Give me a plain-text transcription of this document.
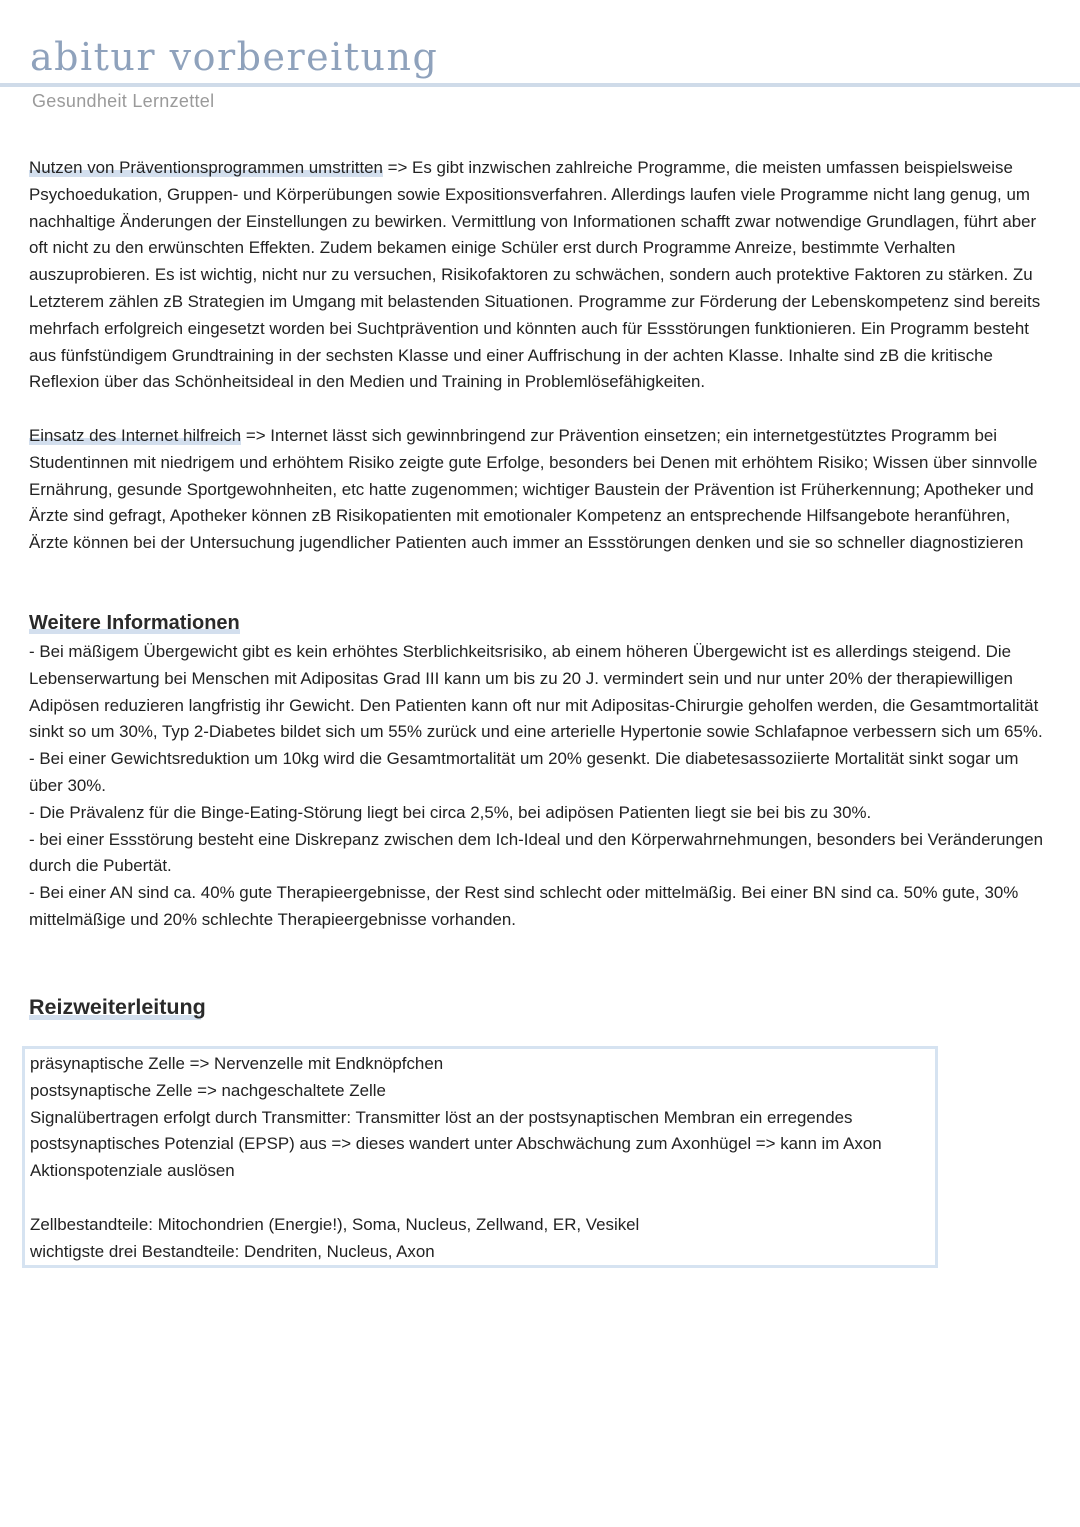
abitur vorbereitung
Gesundheit Lernzettel

Nutzen von Präventionsprogrammen umstritten => Es gibt inzwischen zahlreiche Programme, die meisten umfassen beispielsweise Psychoedukation, Gruppen- und Körperübungen sowie Expositionsverfahren. Allerdings laufen viele Programme nicht lang genug, um nachhaltige Änderungen der Einstellungen zu bewirken. Vermittlung von Informationen schafft zwar notwendige Grundlagen, führt aber oft nicht zu den erwünschten Effekten. Zudem bekamen einige Schüler erst durch Programme Anreize, bestimmte Verhalten auszuprobieren. Es ist wichtig, nicht nur zu versuchen, Risikofaktoren zu schwächen, sondern auch protektive Faktoren zu stärken. Zu Letzterem zählen zB Strategien im Umgang mit belastenden Situationen. Programme zur Förderung der Lebenskompetenz sind bereits mehrfach erfolgreich eingesetzt worden bei Suchtprävention und könnten auch für Essstörungen funktionieren. Ein Programm besteht aus fünfstündigem Grundtraining in der sechsten Klasse und einer Auffrischung in der achten Klasse. Inhalte sind zB die kritische Reflexion über das Schönheitsideal in den Medien und Training in Problemlösefähigkeiten.

Einsatz des Internet hilfreich => Internet lässt sich gewinnbringend zur Prävention einsetzen; ein internetgestütztes Programm bei Studentinnen mit niedrigem und erhöhtem Risiko zeigte gute Erfolge, besonders bei Denen mit erhöhtem Risiko; Wissen über sinnvolle Ernährung, gesunde Sportgewohnheiten, etc hatte zugenommen; wichtiger Baustein der Prävention ist Früherkennung; Apotheker und Ärzte sind gefragt, Apotheker können zB Risikopatienten mit emotionaler Kompetenz an entsprechende Hilfsangebote heranführen, Ärzte können bei der Untersuchung jugendlicher Patienten auch immer an Essstörungen denken und sie so schneller diagnostizieren

Weitere Informationen

- Bei mäßigem Übergewicht gibt es kein erhöhtes Sterblichkeitsrisiko, ab einem höheren Übergewicht ist es allerdings steigend. Die Lebenserwartung bei Menschen mit Adipositas Grad III kann um bis zu 20 J. vermindert sein und nur unter 20% der therapiewilligen Adipösen reduzieren langfristig ihr Gewicht. Den Patienten kann oft nur mit Adipositas-Chirurgie geholfen werden, die Gesamtmortalität sinkt so um 30%, Typ 2-Diabetes bildet sich um 55% zurück und eine arterielle Hypertonie sowie Schlafapnoe verbessern sich um 65%.
- Bei einer Gewichtsreduktion um 10kg wird die Gesamtmortalität um 20% gesenkt. Die diabetesassoziierte Mortalität sinkt sogar um über 30%.
- Die Prävalenz für die Binge-Eating-Störung liegt bei circa 2,5%, bei adipösen Patienten liegt sie bei bis zu 30%.
- bei einer Essstörung besteht eine Diskrepanz zwischen dem Ich-Ideal und den Körperwahrnehmungen, besonders bei Veränderungen durch die Pubertät.
- Bei einer AN sind ca. 40% gute Therapieergebnisse, der Rest sind schlecht oder mittelmäßig. Bei einer BN sind ca. 50% gute, 30% mittelmäßige und 20% schlechte Therapieergebnisse vorhanden.

Reizweiterleitung
präsynaptische Zelle => Nervenzelle mit Endknöpfchen
postsynaptische Zelle => nachgeschaltete Zelle
Signalübertragen erfolgt durch Transmitter: Transmitter löst an der postsynaptischen Membran ein erregendes
postsynaptisches Potenzial (EPSP) aus => dieses wandert unter Abschwächung zum Axonhügel => kann im Axon
Aktionspotenziale auslösen
Zellbestandteile: Mitochondrien (Energie!), Soma, Nucleus, Zellwand, ER, Vesikel
wichtigste drei Bestandteile: Dendriten, Nucleus, Axon
